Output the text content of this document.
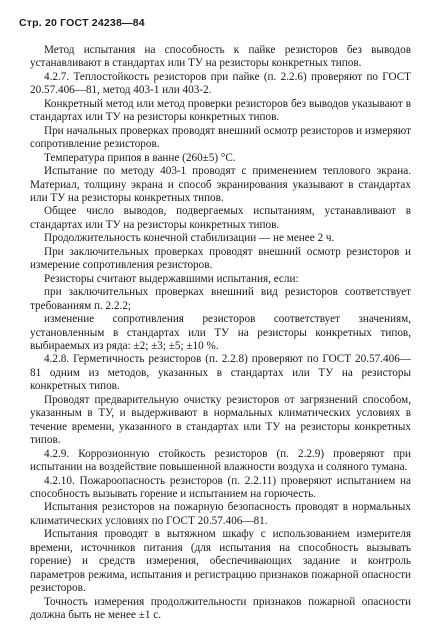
Стр. 20 ГОСТ 24238—84

Метод испытания на способность к пайке резисторов без выводов устанавливают в стандартах или ТУ на резисторы конкретных типов.

4.2.7. Теплостойкость резисторов при пайке (п. 2.2.6) проверяют по ГОСТ 20.57.406—81, метод 403-1 или 403-2.

Конкретный метод или метод проверки резисторов без выводов указывают в стандартах или ТУ на резисторы конкретных типов.

При начальных проверках проводят внешний осмотр резисторов и измеряют сопротивление резисторов.

Температура припоя в ванне (260±5) °С.

Испытание по методу 403-1 проводят с применением теплового экрана. Материал, толщину экрана и способ экранирования указывают в стандартах или ТУ на резисторы конкретных типов.

Общее число выводов, подвергаемых испытаниям, устанавливают в стандартах или ТУ на резисторы конкретных типов.

Продолжительность конечной стабилизации — не менее 2 ч.

При заключительных проверках проводят внешний осмотр резисторов и измерение сопротивления резисторов.

Резисторы считают выдержавшими испытания, если:

при заключительных проверках внешний вид резисторов соответствует требованиям п. 2.2.2;

изменение сопротивления резисторов соответствует значениям, установленным в стандартах или ТУ на резисторы конкретных типов, выбираемых из ряда: ±2; ±3; ±5; ±10 %.

4.2.8. Герметичность резисторов (п. 2.2.8) проверяют по ГОСТ 20.57.406—81 одним из методов, указанных в стандартах или ТУ на резисторы конкретных типов.

Проводят предварительную очистку резисторов от загрязнений способом, указанным в ТУ, и выдерживают в нормальных климатических условиях в течение времени, указанного в стандартах или ТУ на резисторы конкретных типов.

4.2.9. Коррозионную стойкость резисторов (п. 2.2.9) проверяют при испытании на воздействие повышенной влажности воздуха и соляного тумана.

4.2.10. Пожароопасность резисторов (п. 2.2.11) проверяют испытанием на способность вызывать горение и испытанием на горючесть.

Испытания резисторов на пожарную безопасность проводят в нормальных климатических условиях по ГОСТ 20.57.406—81.

Испытания проводят в вытяжном шкафу с использованием измерителя времени, источников питания (для испытания на способность вызывать горение) и средств измерения, обеспечивающих задание и контроль параметров режима, испытания и регистрацию признаков пожарной опасности резисторов.

Точность измерения продолжительности признаков пожарной опасности должна быть не менее ±1 с.
